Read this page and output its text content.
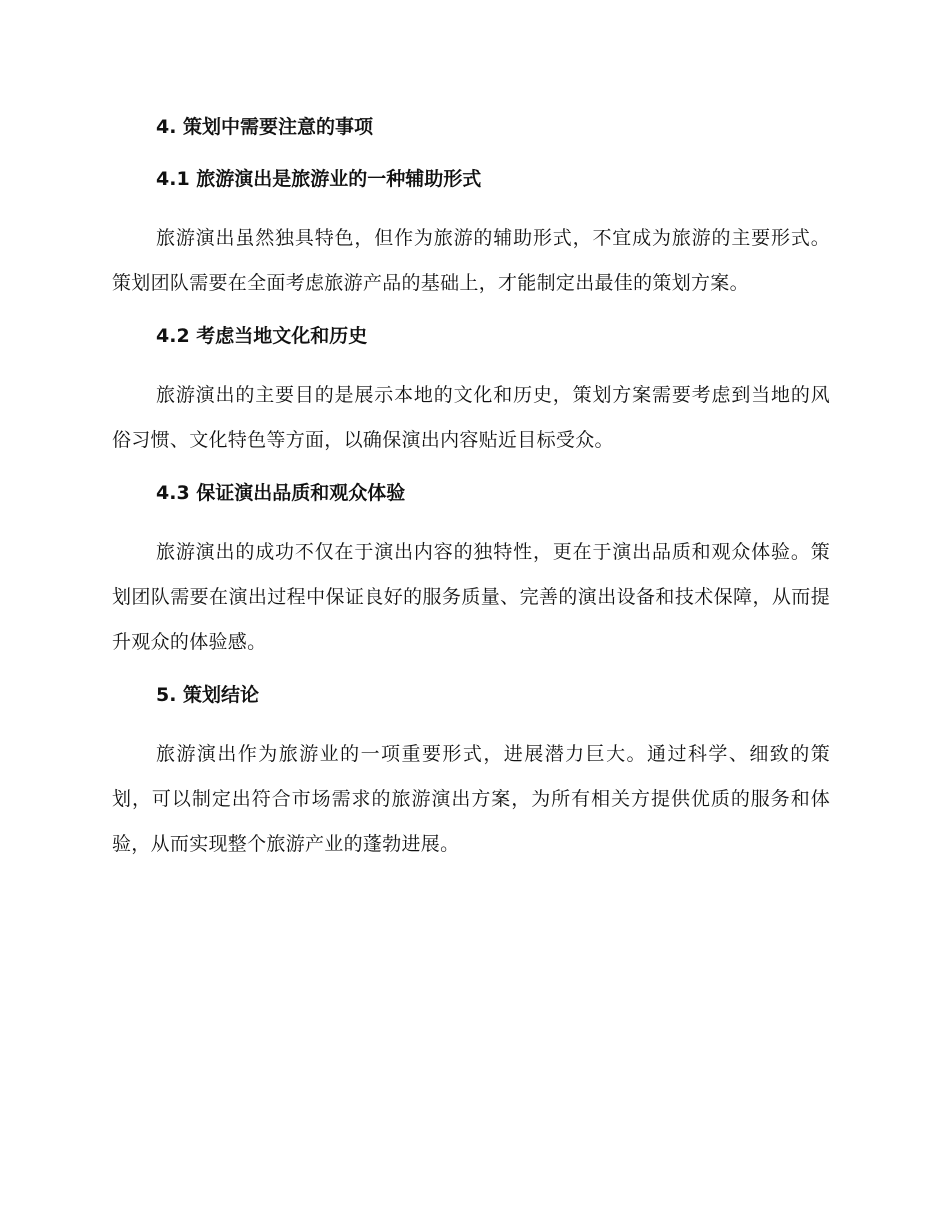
4. 策划中需要注意的事项
4.1 旅游演出是旅游业的一种辅助形式
旅游演出虽然独具特色，但作为旅游的辅助形式，不宜成为旅游的主要形式。策划团队需要在全面考虑旅游产品的基础上，才能制定出最佳的策划方案。
4.2 考虑当地文化和历史
旅游演出的主要目的是展示本地的文化和历史，策划方案需要考虑到当地的风俗习惯、文化特色等方面，以确保演出内容贴近目标受众。
4.3 保证演出品质和观众体验
旅游演出的成功不仅在于演出内容的独特性，更在于演出品质和观众体验。策划团队需要在演出过程中保证良好的服务质量、完善的演出设备和技术保障，从而提升观众的体验感。
5. 策划结论
旅游演出作为旅游业的一项重要形式，进展潜力巨大。通过科学、细致的策划，可以制定出符合市场需求的旅游演出方案，为所有相关方提供优质的服务和体验，从而实现整个旅游产业的蓬勃进展。
